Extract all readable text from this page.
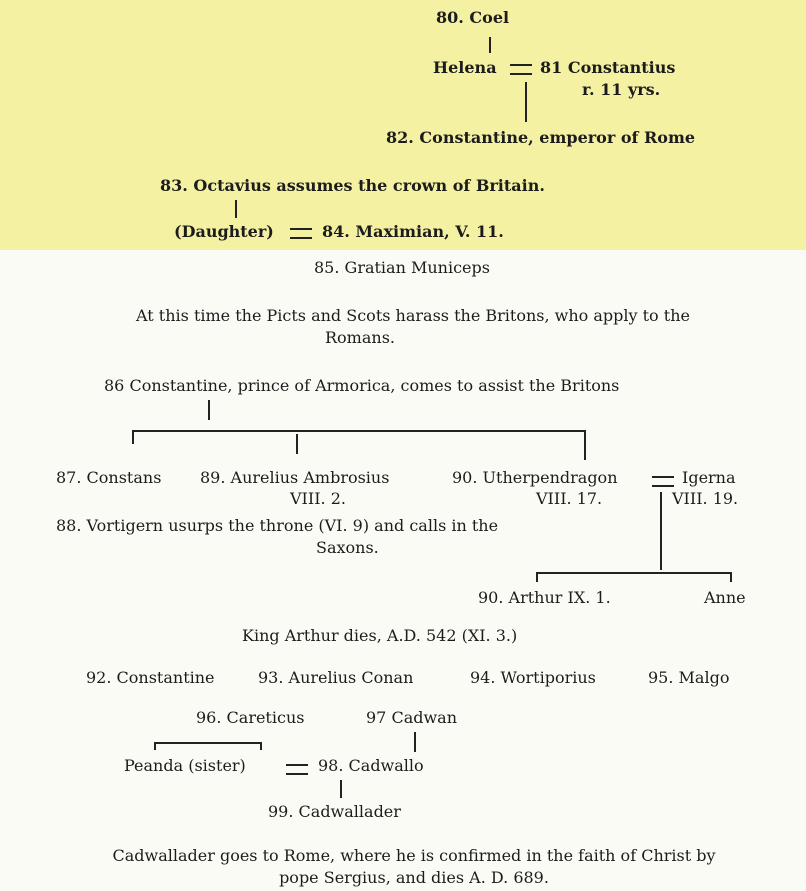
80. Coel
Helena	81 Constantius
r. 11 yrs.
82. Constantine, emperor of Rome
83. Octavius assumes the crown of Britain.
(Daughter)	84. Maximian, V. 11.
85. Gratian Municeps
At this time the Picts and Scots harass the Britons, who apply to the
Romans.
86 Constantine, prince of Armorica, comes to assist the Britons
87. Constans 89. Aurelius Ambrosius
VIII. 2.
90. Utherpendragon	Igerna
VIII. 17.	VIII. 19.
88. Vortigern usurps the throne (VI. 9) and calls in the
Saxons.
90. Arthur IX. 1.	Anne
King Arthur dies, A.D. 542 (XI. 3.)
92. Constantine	93. Aurelius Conan	94. Wortiporius	95. Malgo
96. Careticus	97 Cadwan
Peanda (sister)	98. Cadwallo
99. Cadwallader
Cadwallader goes to Rome, where he is confirmed in the faith of Christ by
pope Sergius, and dies A. D. 689.
